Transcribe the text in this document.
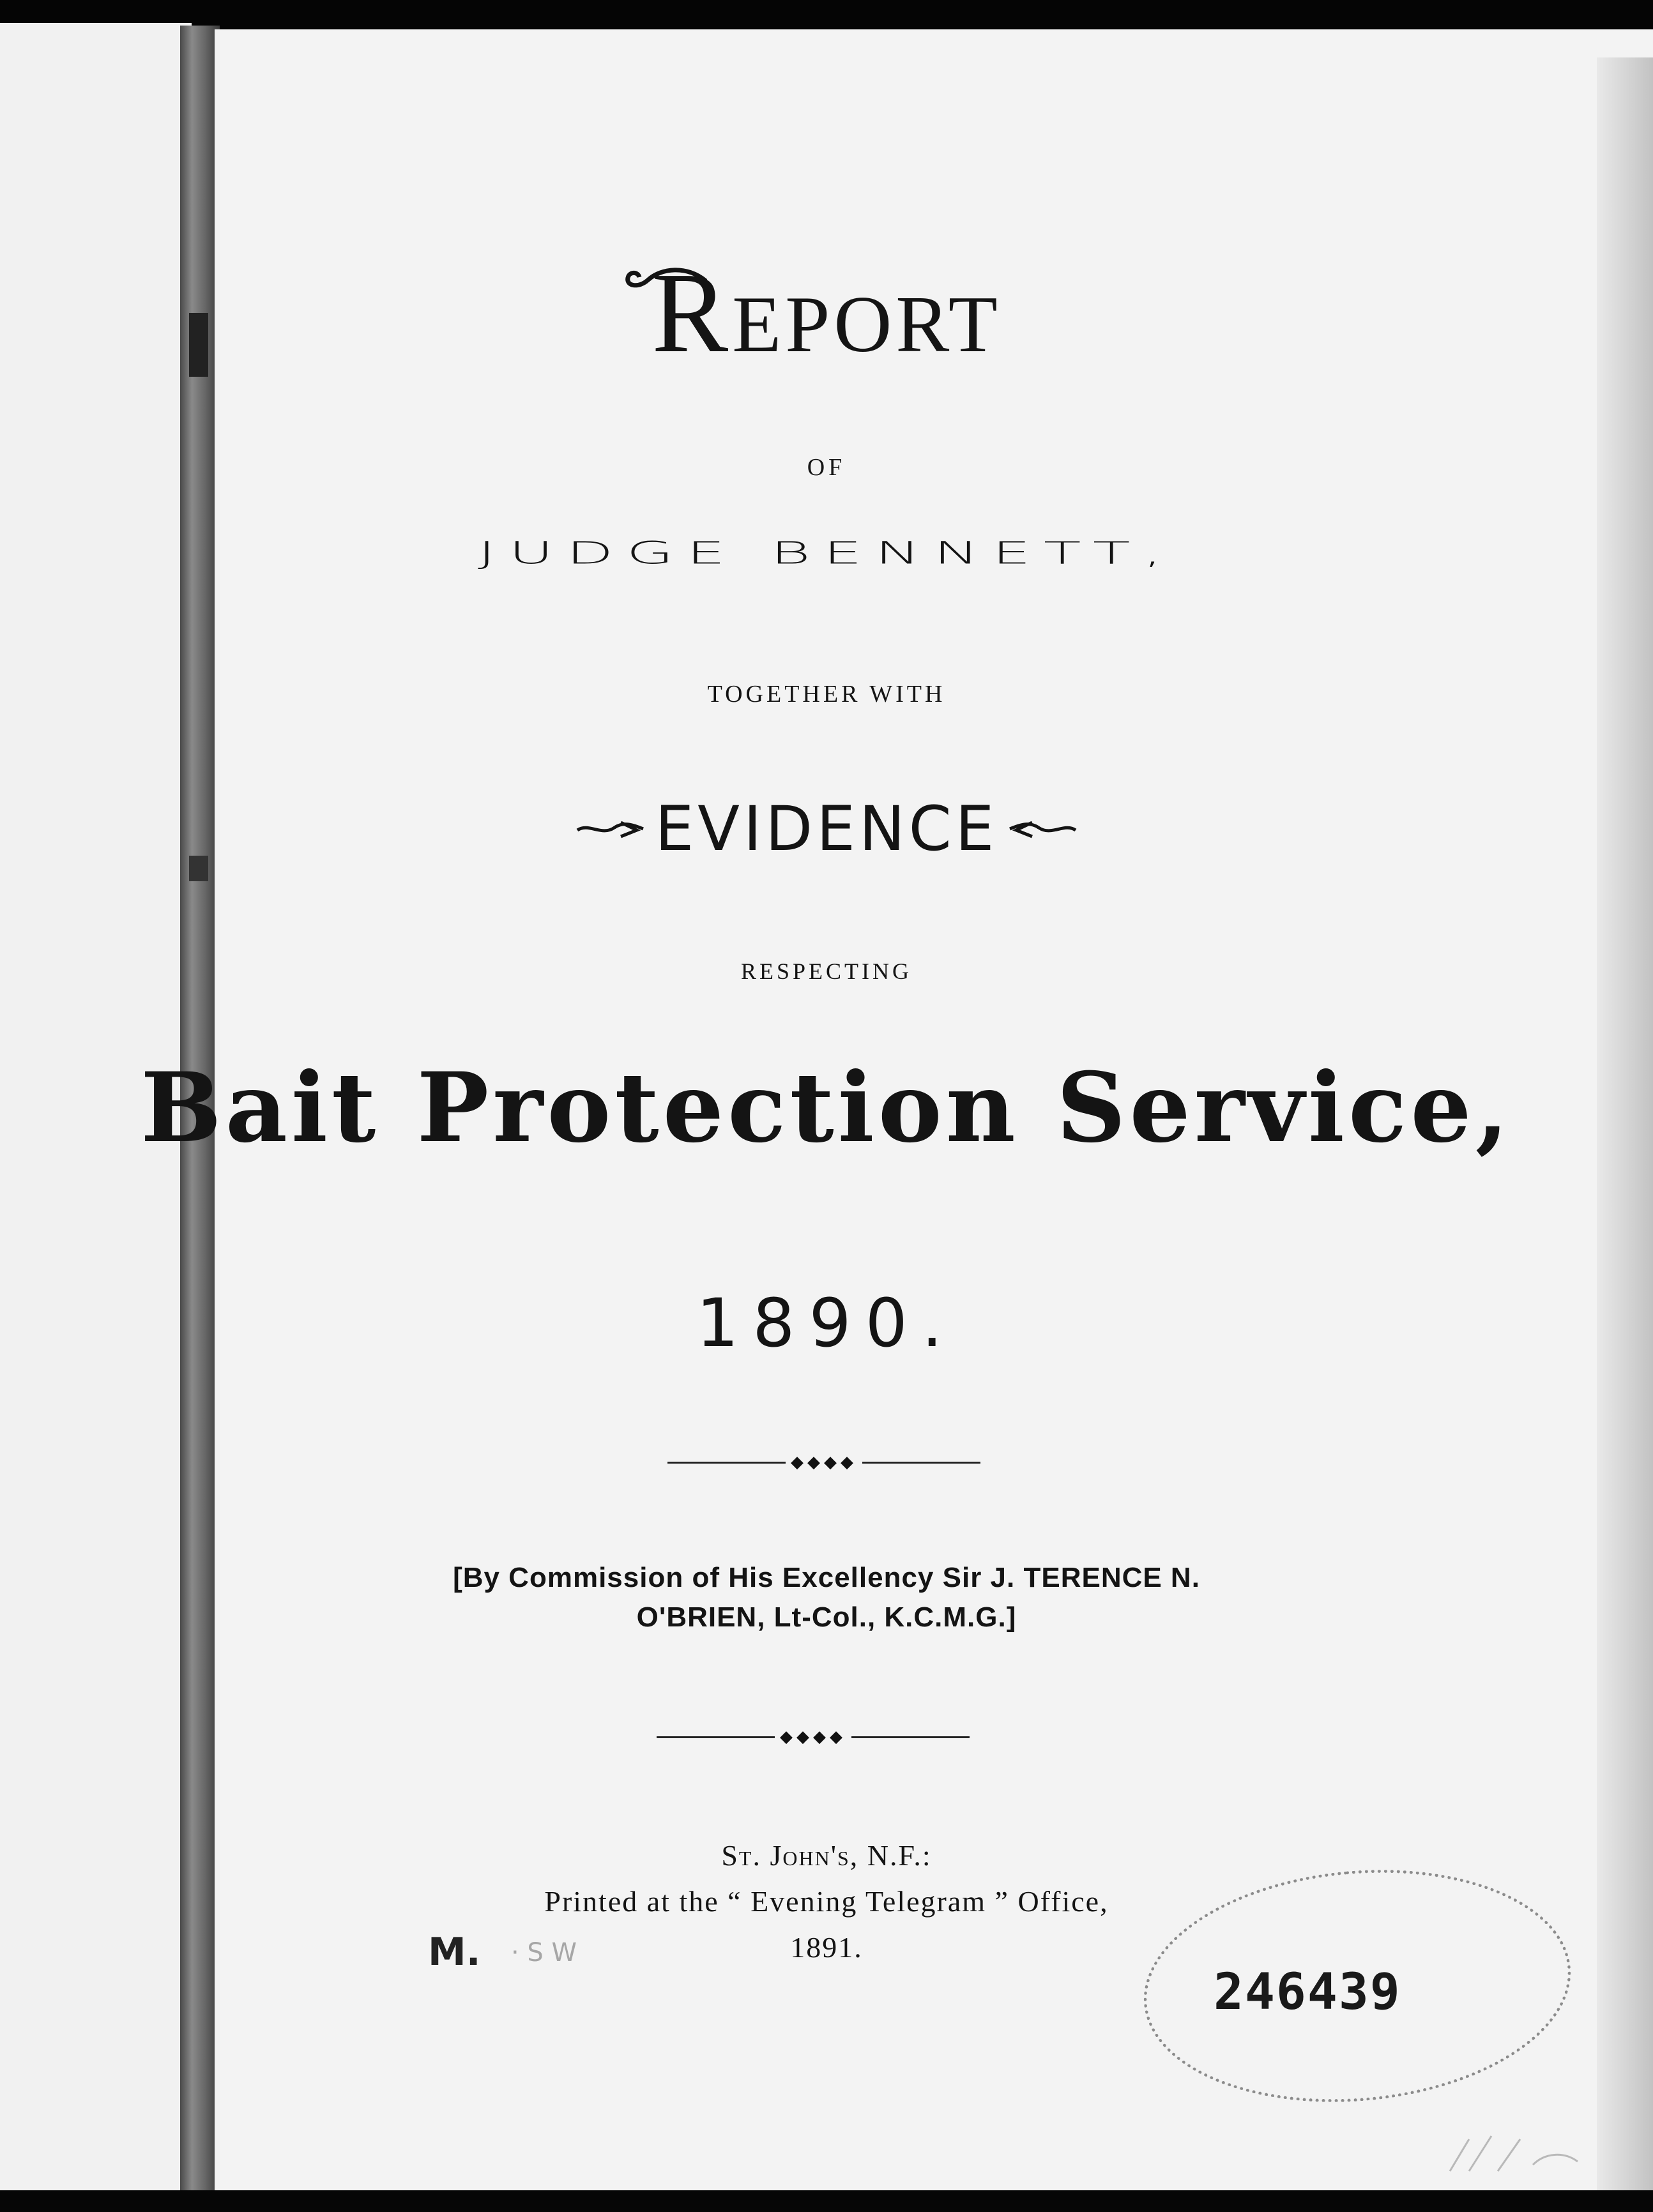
Report

OF

JUDGE BENNETT,

TOGETHER WITH

EVIDENCE

RESPECTING

Bait Protection Service,

1890.

◆◆◆◆

[By Commission of His Excellency Sir J. TERENCE N.
O'BRIEN, Lt-Col., K.C.M.G.]

◆◆◆◆

St. John's, N.F.:
Printed at the “ Evening Telegram ” Office,
1891.

M. · S W
246439
